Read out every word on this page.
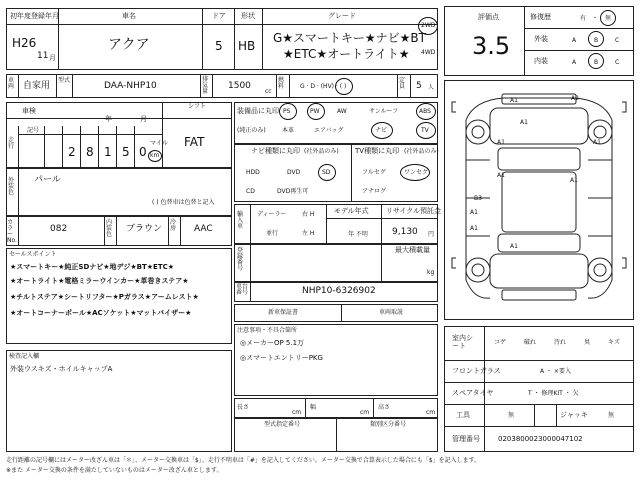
初年度登録年月
H26
11 月
車名
アクア
ドア
5
形状
HB
グレード
G★スマートキー★ナビ★BT
★ETC★オートライト★
2WD
4WD
車両 自家用
型式
DAA-NHP10
排気量
1500
cc
燃料	G · D · (HV) · ( )
定員	5 人
車検
年	月
シフト
FAT
走行
記号
2 8 1 5 0
マイル
km
外装色
パール
( ) 色替車は色替と記入
カラーNo.
082
内装色
ブラウン
冷房	AAC
セールスポイント
★スマートキー★純正SDナビ★地デジ★BT★ETC★
★オートライト★電格ミラーウインカー★革巻きステア★
★チルトステア★シートリフター★Pガラス★アームレスト★
★オートコーナーポール★ACソケット★マットバイザー★
検査記入欄
外装ウスキズ・ホイルキャップA
装備品に丸印
(純正のみ)
PS	PW	AW	サンルーフ	ABS
本革	エアバッグ	ナビ	TV
ナビ種類に丸印 (社外品のみ) TV種類に丸印 (社外品のみ)
HDD	DVD	SD
CD	DVD再生可
フルセグ	ワンセグ
アナログ
輸入車
ディーラー
並行
右 H
左 H
モデル年式
年 不明
リサイクル預託金
9,130 円
登録番号
最大積載量
kg
車台番号	NHP10-6326902
新車保証書	車両取説
注意事項・不具合箇所
◎メーカーOP 5.1万
◎スマートエントリーPKG
長さ
cm
幅
cm
高さ
cm
型式指定番号	類別区分番号
評価点
3.5
修復歴	有 ・ 無
外装	A	B	C
内装	A	B	C
A2
A1
A1
A1	A1
A1
B3
A1
A1
A1
A1
室内シート	コゲ	破れ	汚れ	臭	キズ
フロントガラス	A ・ ×要入
スペアタイヤ	T ・ 修理KIT ・ 欠
工具	無	ジャッキ	無
管理番号	0203800023000047102
走行距離の記号欄にはメーター改ざん車は「＊」、メーター交換車は「$」、走行不明車は「#」を記入してください。メーター交換で合算表示した場合にも「$」を記入します。
※また メーター交換の条件を満たしていないものはメーター改ざん車とします。
